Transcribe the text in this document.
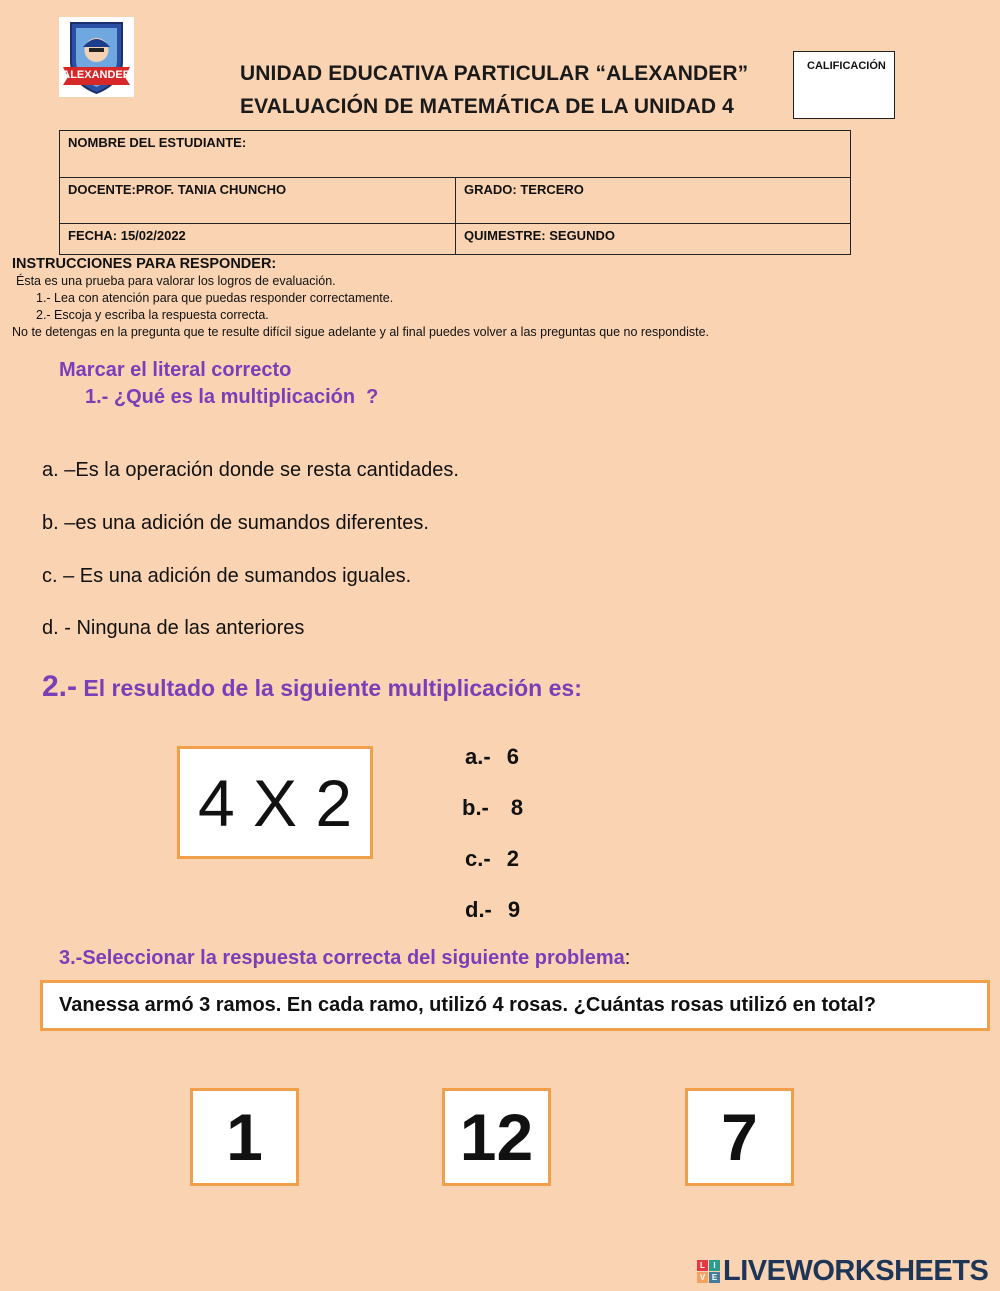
ALEXANDER	UNIDAD EDUCATIVA PARTICULAR “ALEXANDER”
EVALUACIÓN DE MATEMÁTICA DE LA UNIDAD 4
CALIFICACIÓN
NOMBRE DEL ESTUDIANTE:	
DOCENTE:PROF. TANIA CHUNCHO	GRADO: TERCERO
FECHA: 15/02/2022	QUIMESTRE: SEGUNDO
INSTRUCCIONES PARA RESPONDER:
Ésta es una prueba para valorar los logros de evaluación.
1.- Lea con atención para que puedas responder correctamente.
2.- Escoja y escriba la respuesta correcta.
No te detengas en la pregunta que te resulte difícil sigue adelante y al final puedes volver a las preguntas que no respondiste.
Marcar el literal correcto
1.- ¿Qué es la multiplicación  ?
a. –Es la operación donde se resta cantidades.
b. –es una adición de sumandos diferentes.
c. – Es una adición de sumandos iguales.
d. - Ninguna de las anteriores
2.- El resultado de la siguiente multiplicación es:
4 X 2
a.- 6
b.- 8
c.- 2
d.- 9
3.-Seleccionar la respuesta correcta del siguiente problema:
Vanessa armó 3 ramos. En cada ramo, utilizó 4 rosas. ¿Cuántas rosas utilizó en total?
1	12	7
L	I
V E LIVEWORKSHEETS
